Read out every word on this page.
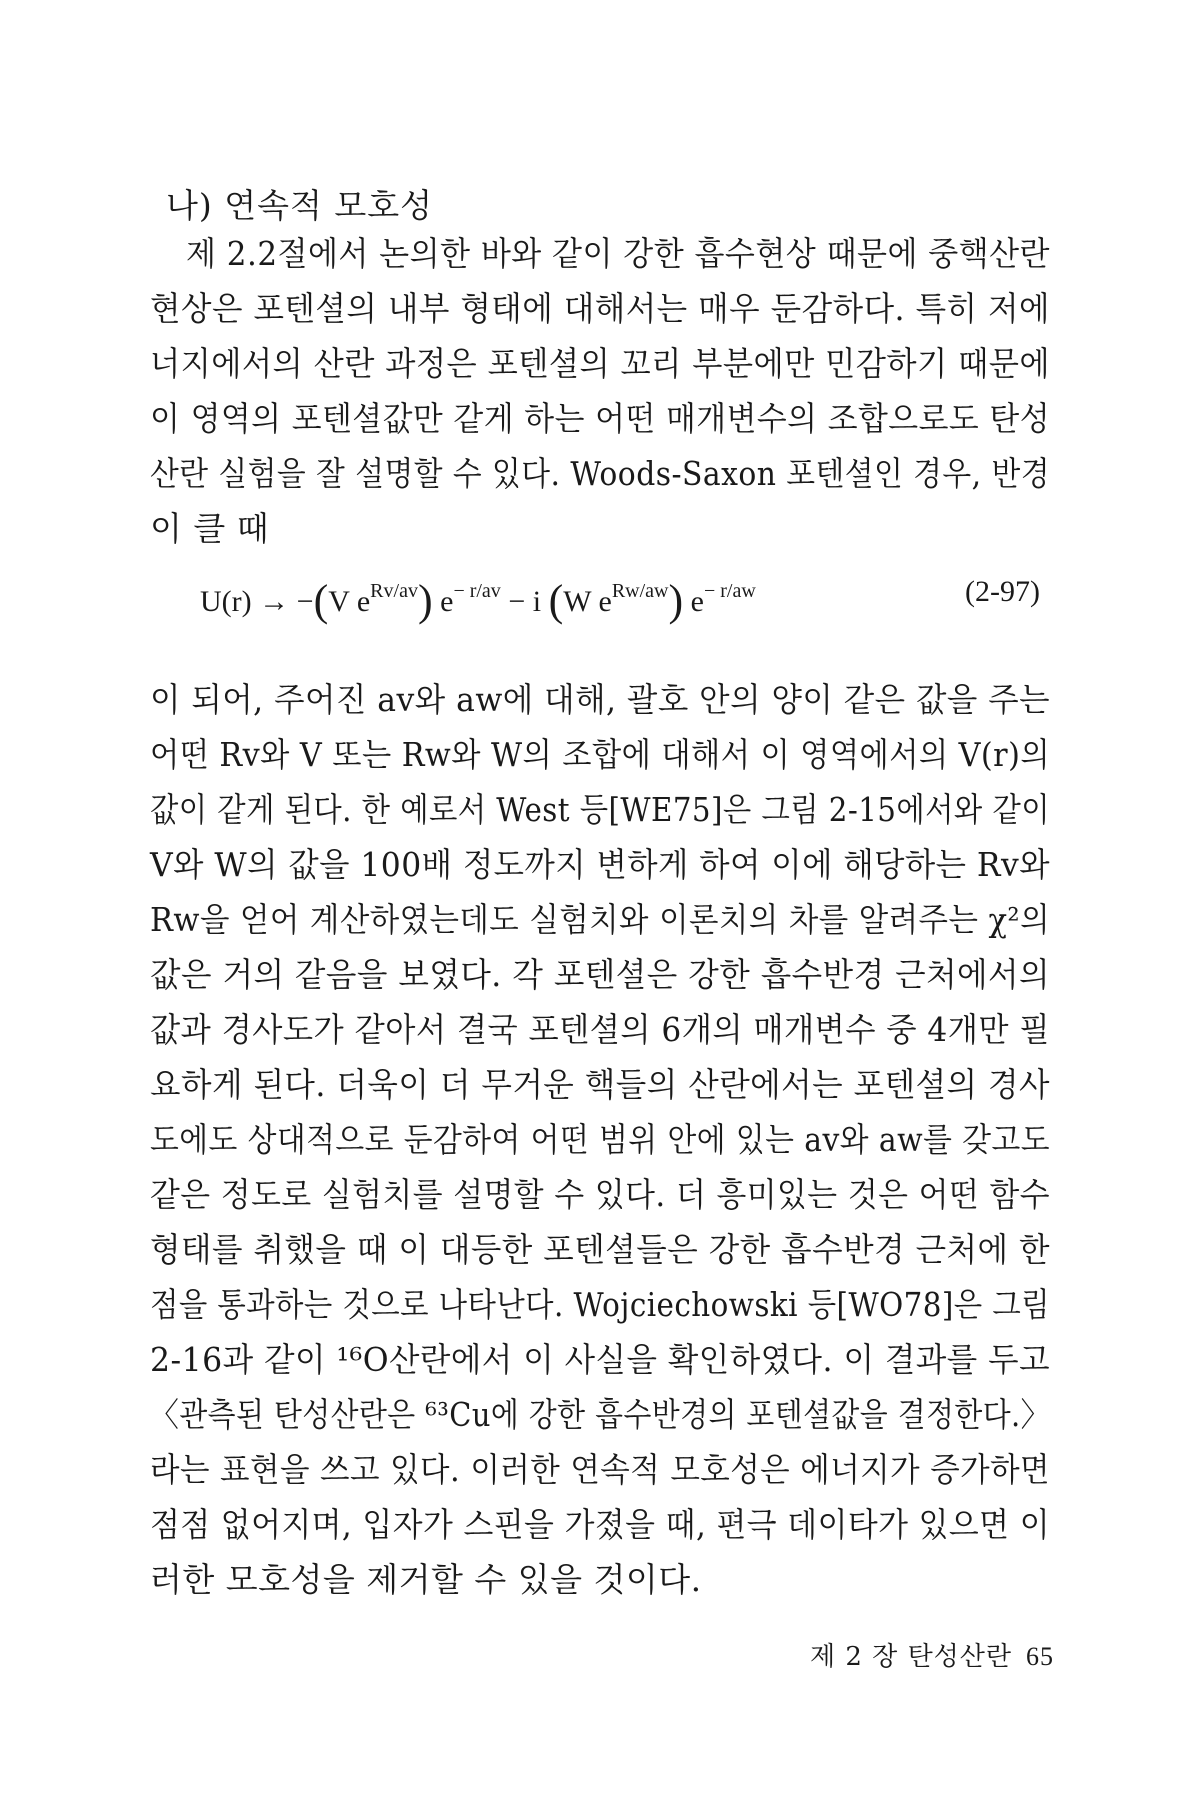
나) 연속적 모호성
제 2.2절에서 논의한 바와 같이 강한 흡수현상 때문에 중핵산란
현상은 포텐셜의 내부 형태에 대해서는 매우 둔감하다. 특히 저에
너지에서의 산란 과정은 포텐셜의 꼬리 부분에만 민감하기 때문에
이 영역의 포텐셜값만 같게 하는 어떤 매개변수의 조합으로도 탄성
산란 실험을 잘 설명할 수 있다. Woods-Saxon 포텐셜인 경우, 반경
이 클 때
U(r) → −(V $e^{Rv/av}$) $e^{- r/av} - i$ (W $e^{Rw/aw}$) $e^{- r/aw}$	(2-97)
이 되어, 주어진 av와 aw에 대해, 괄호 안의 양이 같은 값을 주는
어떤 Rv와 V 또는 Rw와 W의 조합에 대해서 이 영역에서의 V(r)의
값이 같게 된다. 한 예로서 West 등[WE75]은 그림 2-15에서와 같이
V와 W의 값을 100배 정도까지 변하게 하여 이에 해당하는 Rv와
Rw을 얻어 계산하였는데도 실험치와 이론치의 차를 알려주는 χ²의
값은 거의 같음을 보였다. 각 포텐셜은 강한 흡수반경 근처에서의
값과 경사도가 같아서 결국 포텐셜의 6개의 매개변수 중 4개만 필
요하게 된다. 더욱이 더 무거운 핵들의 산란에서는 포텐셜의 경사
도에도 상대적으로 둔감하여 어떤 범위 안에 있는 av와 aw를 갖고도
같은 정도로 실험치를 설명할 수 있다. 더 흥미있는 것은 어떤 함수
형태를 취했을 때 이 대등한 포텐셜들은 강한 흡수반경 근처에 한
점을 통과하는 것으로 나타난다. Wojciechowski 등[WO78]은 그림
2-16과 같이 ¹⁶O산란에서 이 사실을 확인하였다. 이 결과를 두고
〈관측된 탄성산란은 ⁶³Cu에 강한 흡수반경의 포텐셜값을 결정한다.〉
라는 표현을 쓰고 있다. 이러한 연속적 모호성은 에너지가 증가하면
점점 없어지며, 입자가 스핀을 가졌을 때, 편극 데이타가 있으면 이
러한 모호성을 제거할 수 있을 것이다.
제 2 장 탄성산란 65
